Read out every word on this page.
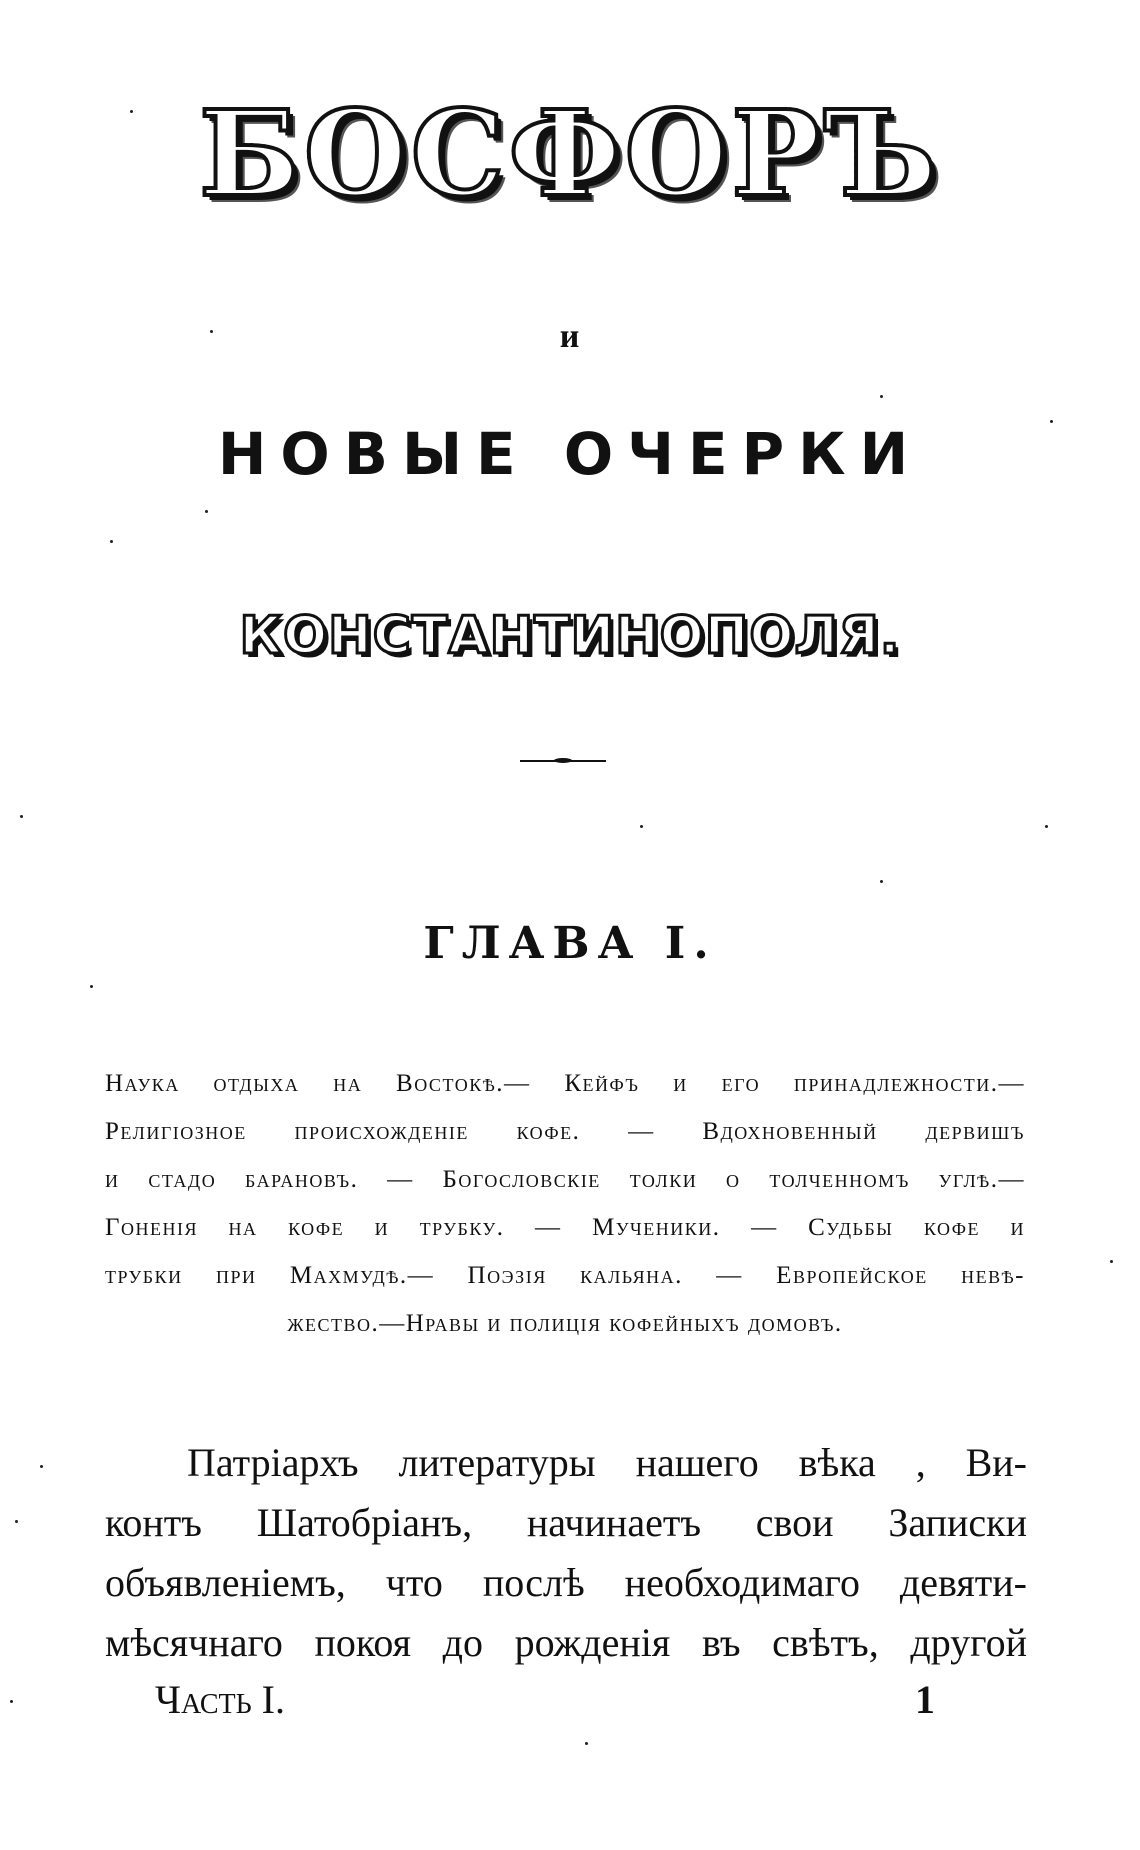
БОСФОРЪ
и
НОВЫЕ ОЧЕРКИ
КОНСТАНТИНОПОЛЯ.
ГЛАВА I.
Наука отдыха на Востокѣ.— Кейфъ и его принадлежности.—
Религіозное происхожденіе кофе. — Вдохновенный дервишъ
и стадо барановъ. — Богословскіе толки о толченномъ углѣ.—
Гоненія на кофе и трубку. — Мученики. — Судьбы кофе и
трубки при Махмудѣ.— Поэзія кальяна. — Европейское невѣ-
жество.—Нравы и полиція кофейныхъ домовъ.
Патріархъ литературы нашего вѣка , Ви-
контъ Шатобріанъ, начинаетъ свои Записки
объявленіемъ, что послѣ необходимаго девяти-
мѣсячнаго покоя до рожденія въ свѣтъ, другой
Часть I.	1
